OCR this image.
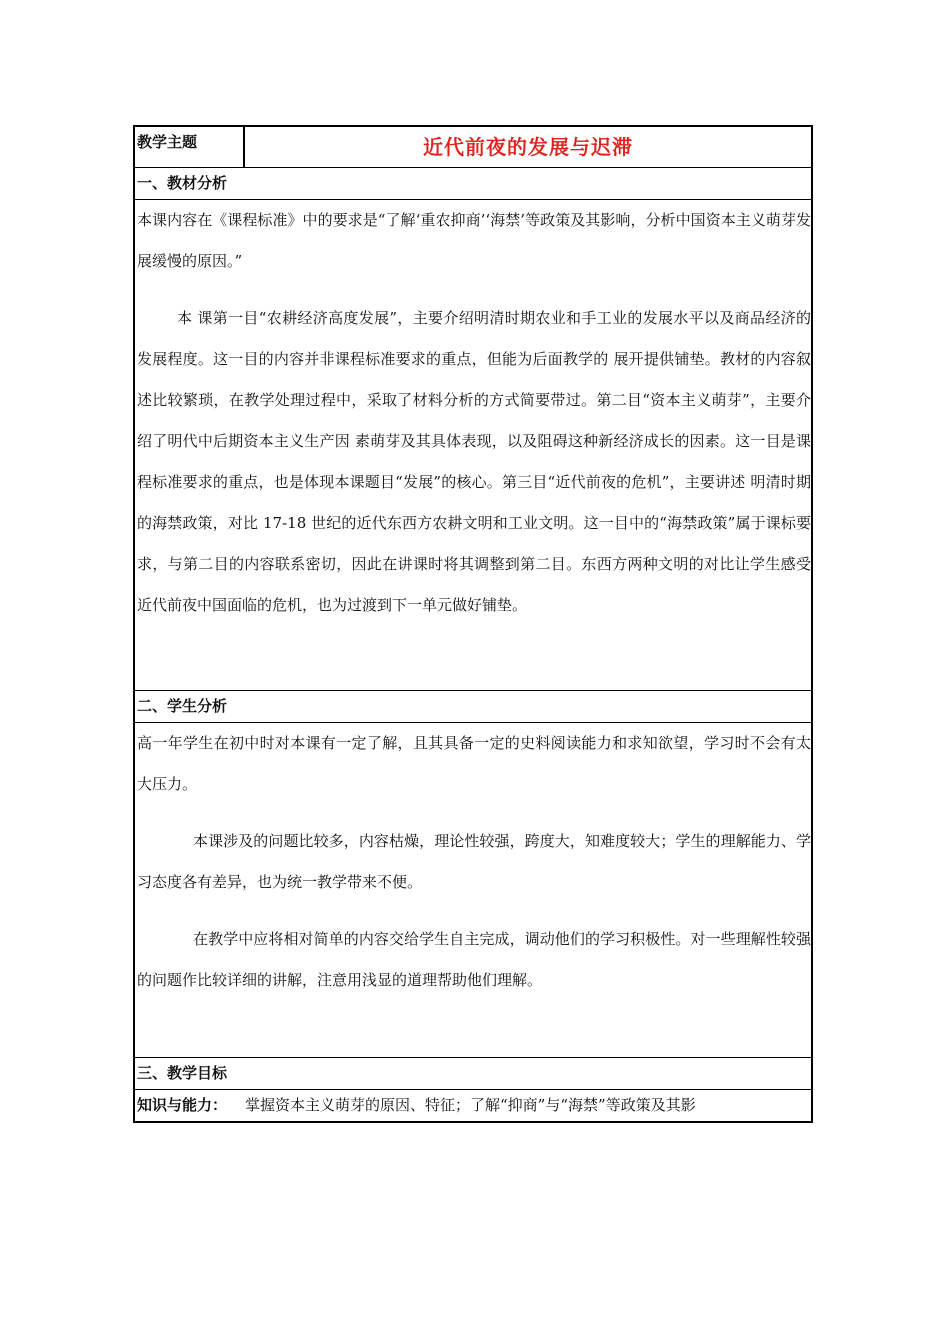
教学主题	近代前夜的发展与迟滞
一、教材分析

本课内容在《课程标准》中的要求是“了解‘重农抑商’‘海禁’等政策及其影响，分析中国资本主义萌芽发展缓慢的原因。”

本 课第一目“农耕经济高度发展”，主要介绍明清时期农业和手工业的发展水平以及商品经济的发展程度。这一目的内容并非课程标准要求的重点，但能为后面教学的 展开提供铺垫。教材的内容叙述比较繁琐，在教学处理过程中，采取了材料分析的方式简要带过。第二目“资本主义萌芽”，主要介绍了明代中后期资本主义生产因 素萌芽及其具体表现，以及阻碍这种新经济成长的因素。这一目是课程标准要求的重点，也是体现本课题目“发展”的核心。第三目“近代前夜的危机”，主要讲述 明清时期的海禁政策，对比 17-18 世纪的近代东西方农耕文明和工业文明。这一目中的“海禁政策”属于课标要求，与第二目的内容联系密切，因此在讲课时将其调整到第二目。东西方两种文明的对比让学生感受近代前夜中国面临的危机，也为过渡到下一单元做好铺垫。

二、学生分析

高一年学生在初中时对本课有一定了解，且其具备一定的史料阅读能力和求知欲望，学习时不会有太大压力。

本课涉及的问题比较多，内容枯燥，理论性较强，跨度大，知难度较大；学生的理解能力、学习态度各有差异，也为统一教学带来不便。

在教学中应将相对简单的内容交给学生自主完成，调动他们的学习积极性。对一些理解性较强的问题作比较详细的讲解，注意用浅显的道理帮助他们理解。

三、教学目标
知识与能力： 掌握资本主义萌芽的原因、特征；了解“抑商”与“海禁”等政策及其影
